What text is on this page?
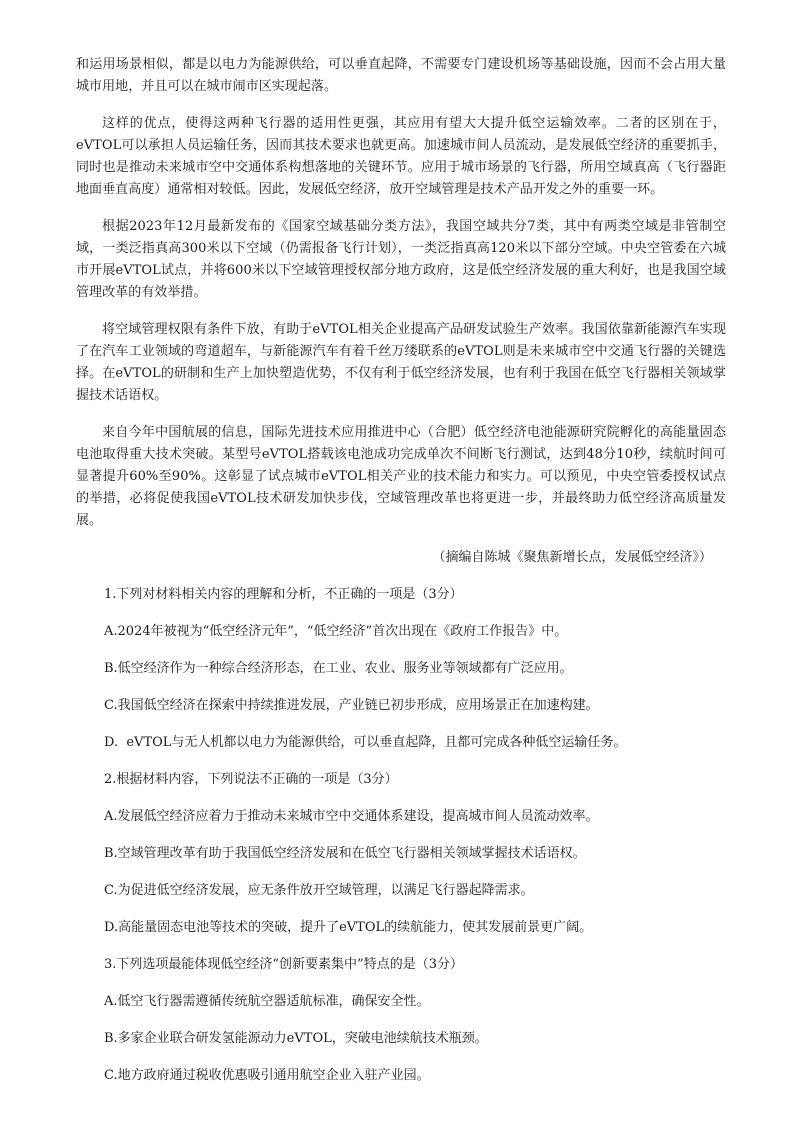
和运用场景相似，都是以电力为能源供给，可以垂直起降，不需要专门建设机场等基础设施，因而不会占用大量城市用地，并且可以在城市闹市区实现起落。

这样的优点，使得这两种飞行器的适用性更强，其应用有望大大提升低空运输效率。二者的区别在于，eVTOL可以承担人员运输任务，因而其技术要求也就更高。加速城市间人员流动，是发展低空经济的重要抓手，同时也是推动未来城市空中交通体系构想落地的关键环节。应用于城市场景的飞行器，所用空域真高（飞行器距地面垂直高度）通常相对较低。因此，发展低空经济，放开空域管理是技术产品开发之外的重要一环。

根据2023年12月最新发布的《国家空域基础分类方法》，我国空域共分7类，其中有两类空域是非管制空域，一类泛指真高300米以下空域（仍需报备飞行计划），一类泛指真高120米以下部分空域。中央空管委在六城市开展eVTOL试点，并将600米以下空域管理授权部分地方政府，这是低空经济发展的重大利好，也是我国空域管理改革的有效举措。

将空域管理权限有条件下放，有助于eVTOL相关企业提高产品研发试验生产效率。我国依靠新能源汽车实现了在汽车工业领域的弯道超车，与新能源汽车有着千丝万缕联系的eVTOL则是未来城市空中交通飞行器的关键选择。在eVTOL的研制和生产上加快塑造优势，不仅有利于低空经济发展，也有利于我国在低空飞行器相关领域掌握技术话语权。

来自今年中国航展的信息，国际先进技术应用推进中心（合肥）低空经济电池能源研究院孵化的高能量固态电池取得重大技术突破。某型号eVTOL搭载该电池成功完成单次不间断飞行测试，达到48分10秒，续航时间可显著提升60%至90%。这彰显了试点城市eVTOL相关产业的技术能力和实力。可以预见，中央空管委授权试点的举措，必将促使我国eVTOL技术研发加快步伐，空域管理改革也将更进一步，并最终助力低空经济高质量发展。

（摘编自陈城《聚焦新增长点，发展低空经济》）

1.下列对材料相关内容的理解和分析，不正确的一项是（3分）

A.2024年被视为“低空经济元年”，“低空经济”首次出现在《政府工作报告》中。

B.低空经济作为一种综合经济形态，在工业、农业、服务业等领域都有广泛应用。

C.我国低空经济在探索中持续推进发展，产业链已初步形成，应用场景正在加速构建。

D.  eVTOL与无人机都以电力为能源供给，可以垂直起降，且都可完成各种低空运输任务。

2.根据材料内容，下列说法不正确的一项是（3分）

A.发展低空经济应着力于推动未来城市空中交通体系建设，提高城市间人员流动效率。

B.空域管理改革有助于我国低空经济发展和在低空飞行器相关领域掌握技术话语权。

C.为促进低空经济发展，应无条件放开空域管理，以满足飞行器起降需求。

D.高能量固态电池等技术的突破，提升了eVTOL的续航能力，使其发展前景更广阔。

3.下列选项最能体现低空经济“创新要素集中”特点的是（3分）

A.低空飞行器需遵循传统航空器适航标准，确保安全性。

B.多家企业联合研发氢能源动力eVTOL，突破电池续航技术瓶颈。

C.地方政府通过税收优惠吸引通用航空企业入驻产业园。
